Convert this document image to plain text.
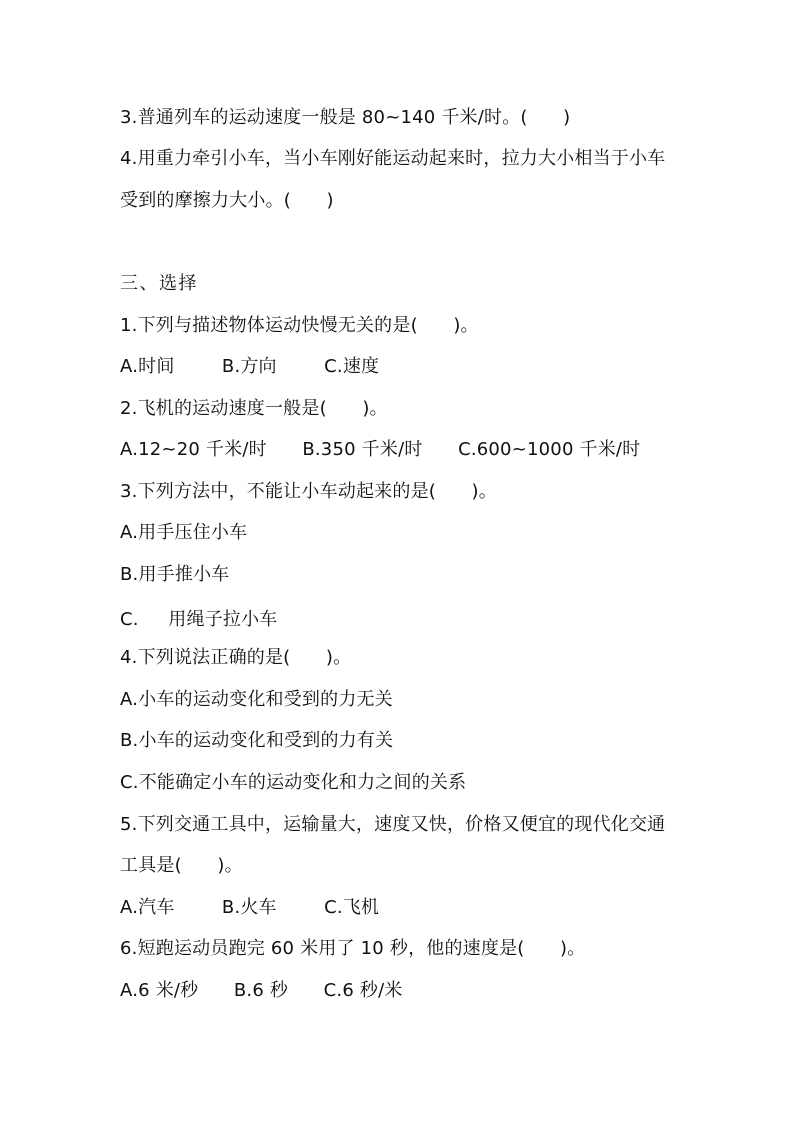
3.普通列车的运动速度一般是 80~140 千米/时。(      )
4.用重力牵引小车，当小车刚好能运动起来时，拉力大小相当于小车
受到的摩擦力大小。(      )
三、选择
1.下列与描述物体运动快慢无关的是(      )。
A.时间        B.方向        C.速度
2.飞机的运动速度一般是(      )。
A.12~20 千米/时      B.350 千米/时      C.600~1000 千米/时
3.下列方法中，不能让小车动起来的是(      )。
A.用手压住小车
B.用手推小车
C.     用绳子拉小车
4.下列说法正确的是(      )。
A.小车的运动变化和受到的力无关
B.小车的运动变化和受到的力有关
C.不能确定小车的运动变化和力之间的关系
5.下列交通工具中，运输量大，速度又快，价格又便宜的现代化交通
工具是(      )。
A.汽车        B.火车        C.飞机
6.短跑运动员跑完 60 米用了 10 秒，他的速度是(      )。
A.6 米/秒      B.6 秒      C.6 秒/米
